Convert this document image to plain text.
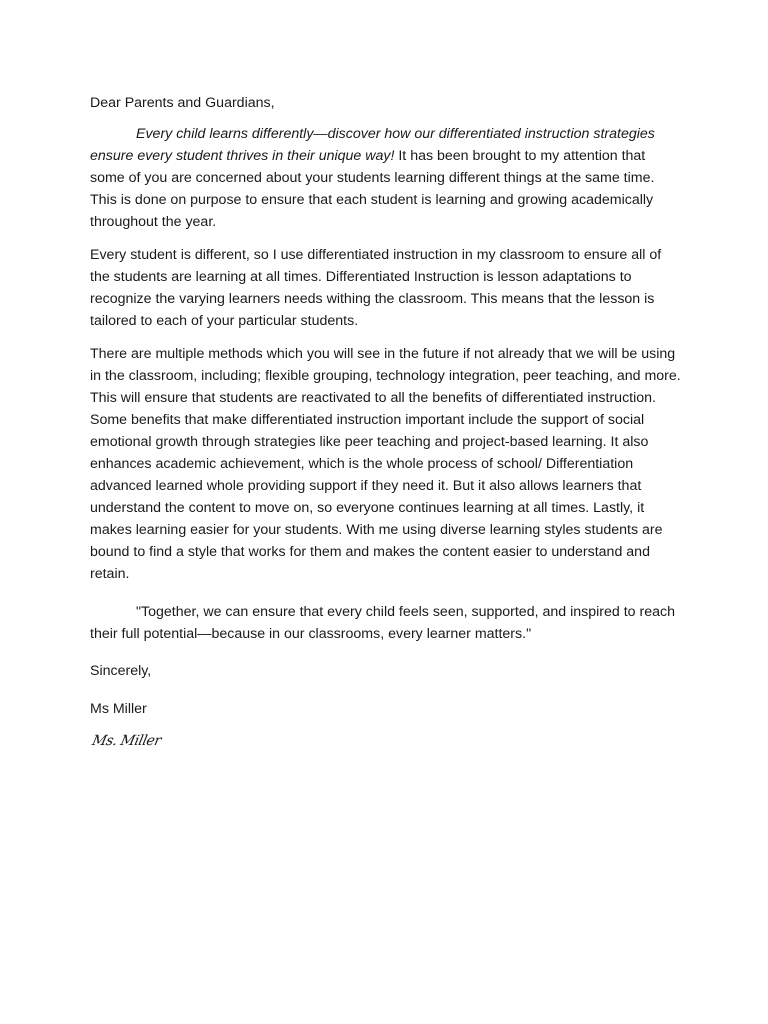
Dear Parents and Guardians,

Every child learns differently—discover how our differentiated instruction strategies ensure every student thrives in their unique way! It has been brought to my attention that some of you are concerned about your students learning different things at the same time. This is done on purpose to ensure that each student is learning and growing academically throughout the year.

Every student is different, so I use differentiated instruction in my classroom to ensure all of the students are learning at all times. Differentiated Instruction is lesson adaptations to recognize the varying learners needs withing the classroom. This means that the lesson is tailored to each of your particular students.

There are multiple methods which you will see in the future if not already that we will be using in the classroom, including; flexible grouping, technology integration, peer teaching, and more. This will ensure that students are reactivated to all the benefits of differentiated instruction. Some benefits that make differentiated instruction important include the support of social emotional growth through strategies like peer teaching and project-based learning. It also enhances academic achievement, which is the whole process of school/ Differentiation advanced learned whole providing support if they need it. But it also allows learners that understand the content to move on, so everyone continues learning at all times. Lastly, it makes learning easier for your students. With me using diverse learning styles students are bound to find a style that works for them and makes the content easier to understand and retain.

"Together, we can ensure that every child feels seen, supported, and inspired to reach their full potential—because in our classrooms, every learner matters."

Sincerely,

Ms Miller

Ms. Miller
